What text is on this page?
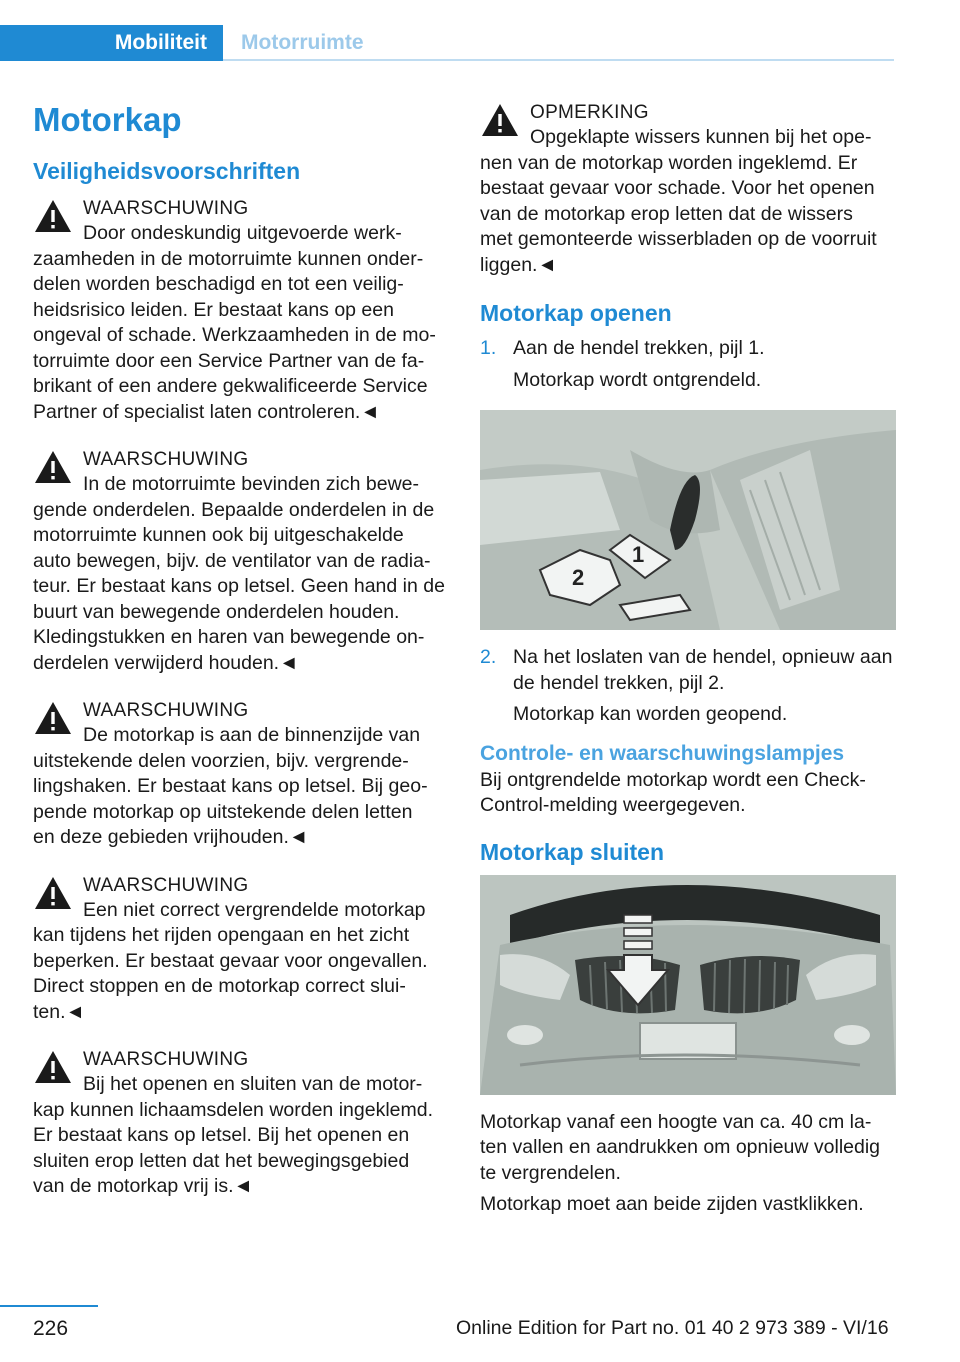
Mobiliteit	Motorruimte
Motorkap
Veiligheidsvoorschriften
WAARSCHUWING
Door ondeskundig uitgevoerde werk-
zaamheden in de motorruimte kunnen onder-
delen worden beschadigd en tot een veilig-
heidsrisico leiden. Er bestaat kans op een
ongeval of schade. Werkzaamheden in de mo-
torruimte door een Service Partner van de fa-
brikant of een andere gekwalificeerde Service
Partner of specialist laten controleren.◄
WAARSCHUWING
In de motorruimte bevinden zich bewe-
gende onderdelen. Bepaalde onderdelen in de
motorruimte kunnen ook bij uitgeschakelde
auto bewegen, bijv. de ventilator van de radia-
teur. Er bestaat kans op letsel. Geen hand in de
buurt van bewegende onderdelen houden.
Kledingstukken en haren van bewegende on-
derdelen verwijderd houden.◄
WAARSCHUWING
De motorkap is aan de binnenzijde van
uitstekende delen voorzien, bijv. vergrende-
lingshaken. Er bestaat kans op letsel. Bij geo-
pende motorkap op uitstekende delen letten
en deze gebieden vrijhouden.◄
WAARSCHUWING
Een niet correct vergrendelde motorkap
kan tijdens het rijden opengaan en het zicht
beperken. Er bestaat gevaar voor ongevallen.
Direct stoppen en de motorkap correct slui-
ten.◄
WAARSCHUWING
Bij het openen en sluiten van de motor-
kap kunnen lichaamsdelen worden ingeklemd.
Er bestaat kans op letsel. Bij het openen en
sluiten erop letten dat het bewegingsgebied
van de motorkap vrij is.◄
OPMERKING
Opgeklapte wissers kunnen bij het ope-
nen van de motorkap worden ingeklemd. Er
bestaat gevaar voor schade. Voor het openen
van de motorkap erop letten dat de wissers
met gemonteerde wisserbladen op de voorruit
liggen.◄
Motorkap openen
1. Aan de hendel trekken, pijl 1.
Motorkap wordt ontgrendeld.
2
1
2. Na het loslaten van de hendel, opnieuw aan
de hendel trekken, pijl 2.
Motorkap kan worden geopend.
Controle- en waarschuwingslampjes

Bij ontgrendelde motorkap wordt een Check-

Control-melding weergegeven.

Motorkap sluiten

Motorkap vanaf een hoogte van ca. 40 cm la-

ten vallen en aandrukken om opnieuw volledig

te vergrendelen.

Motorkap moet aan beide zijden vastklikken.

226	Online Edition for Part no. 01 40 2 973 389 - VI/16
